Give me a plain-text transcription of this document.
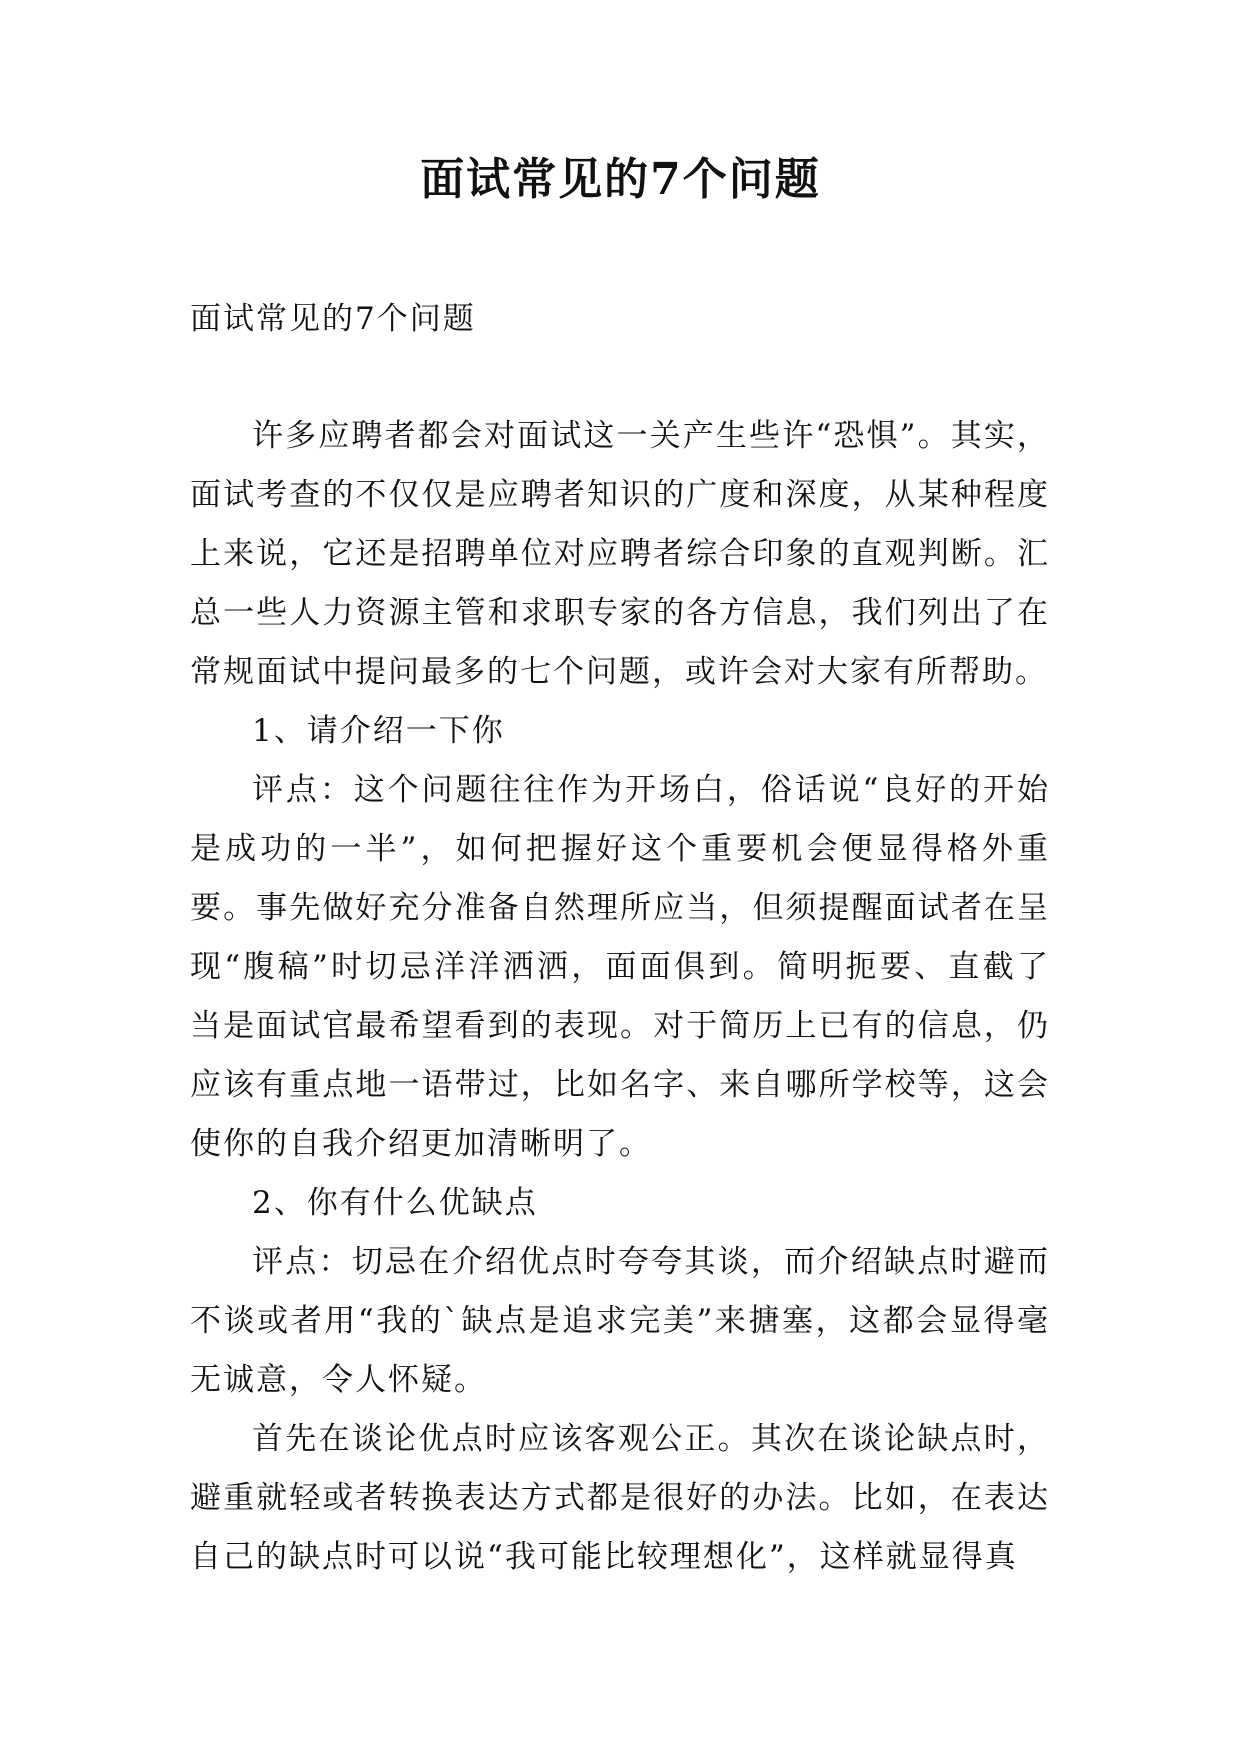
面试常见的7个问题

面试常见的7个问题

许多应聘者都会对面试这一关产生些许“恐惧”。其实，面试考查的不仅仅是应聘者知识的广度和深度，从某种程度上来说，它还是招聘单位对应聘者综合印象的直观判断。汇总一些人力资源主管和求职专家的各方信息，我们列出了在常规面试中提问最多的七个问题，或许会对大家有所帮助。

1、请介绍一下你

评点：这个问题往往作为开场白，俗话说“良好的开始是成功的一半”，如何把握好这个重要机会便显得格外重要。事先做好充分准备自然理所应当，但须提醒面试者在呈现“腹稿”时切忌洋洋洒洒，面面俱到。简明扼要、直截了当是面试官最希望看到的表现。对于简历上已有的信息，仍应该有重点地一语带过，比如名字、来自哪所学校等，这会使你的自我介绍更加清晰明了。

2、你有什么优缺点

评点：切忌在介绍优点时夸夸其谈，而介绍缺点时避而不谈或者用“我的`缺点是追求完美”来搪塞，这都会显得毫无诚意，令人怀疑。

首先在谈论优点时应该客观公正。其次在谈论缺点时，避重就轻或者转换表达方式都是很好的办法。比如，在表达自己的缺点时可以说“我可能比较理想化”，这样就显得真
